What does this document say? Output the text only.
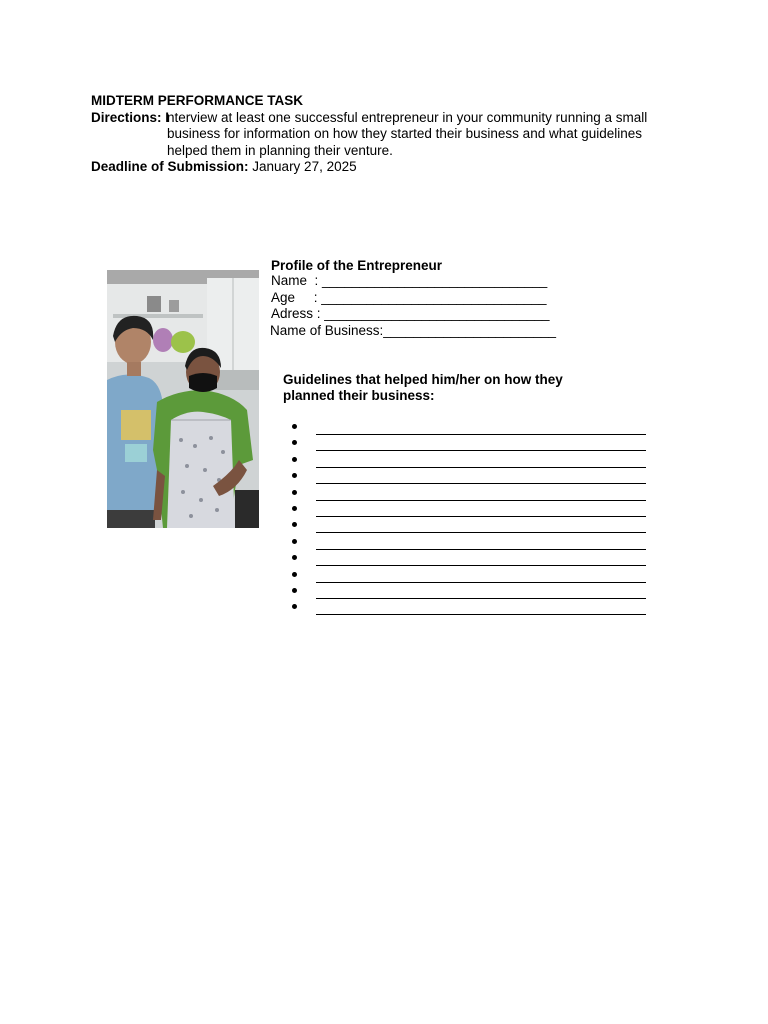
MIDTERM PERFORMANCE TASK
Directions: I
nterview at least one successful entrepreneur in your community running a small
business for information on how they started their business and what guidelines
helped them in planning their venture.
Deadline of Submission: January 27, 2025
Profile of the Entrepreneur
Name  : ______________________________
Age     : ______________________________
Adress : ______________________________
Name of Business:_______________________
Guidelines that helped him/her on how they
planned their business:
